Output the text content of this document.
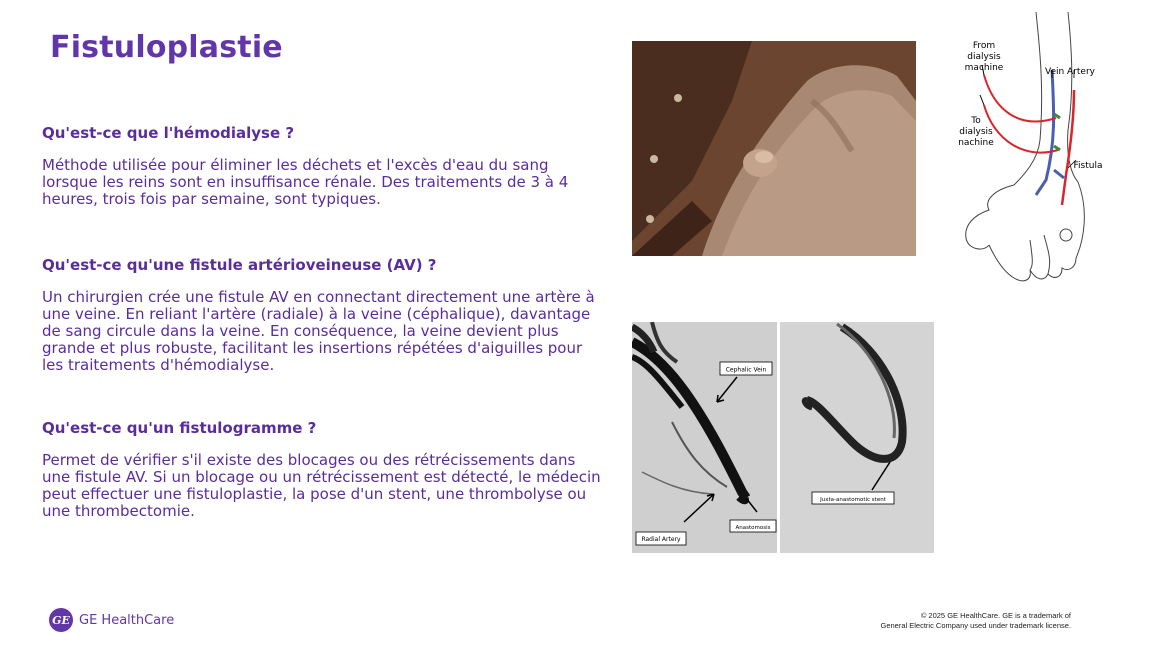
Fistuloplastie
Qu'est-ce que l'hémodialyse ?

Méthode utilisée pour éliminer les déchets et l'excès d'eau du sang lorsque les reins sont en insuffisance rénale. Des traitements de 3 à 4 heures, trois fois par semaine, sont typiques.

Qu'est-ce qu'une fistule artérioveineuse (AV) ?

Un chirurgien crée une fistule AV en connectant directement une artère à une veine. En reliant l'artère (radiale) à la veine (céphalique), davantage de sang circule dans la veine. En conséquence, la veine devient plus grande et plus robuste, facilitant les insertions répétées d'aiguilles pour les traitements d'hémodialyse.

Qu'est-ce qu'un fistulogramme ?

Permet de vérifier s'il existe des blocages ou des rétrécissements dans une fistule AV. Si un blocage ou un rétrécissement est détecté, le médecin peut effectuer une fistuloplastie, la pose d'un stent, une thrombolyse ou une thrombectomie.

From
dialysis
machine
To
dialysis
nachine
Vein Artery
Fistula
Cephalic Vein
Anastomosis
Radial Artery
Juxta-anastomotic stent
GE GE HealthCare	© 2025 GE HealthCare. GE is a trademark of
General Electric Company used under trademark license.
